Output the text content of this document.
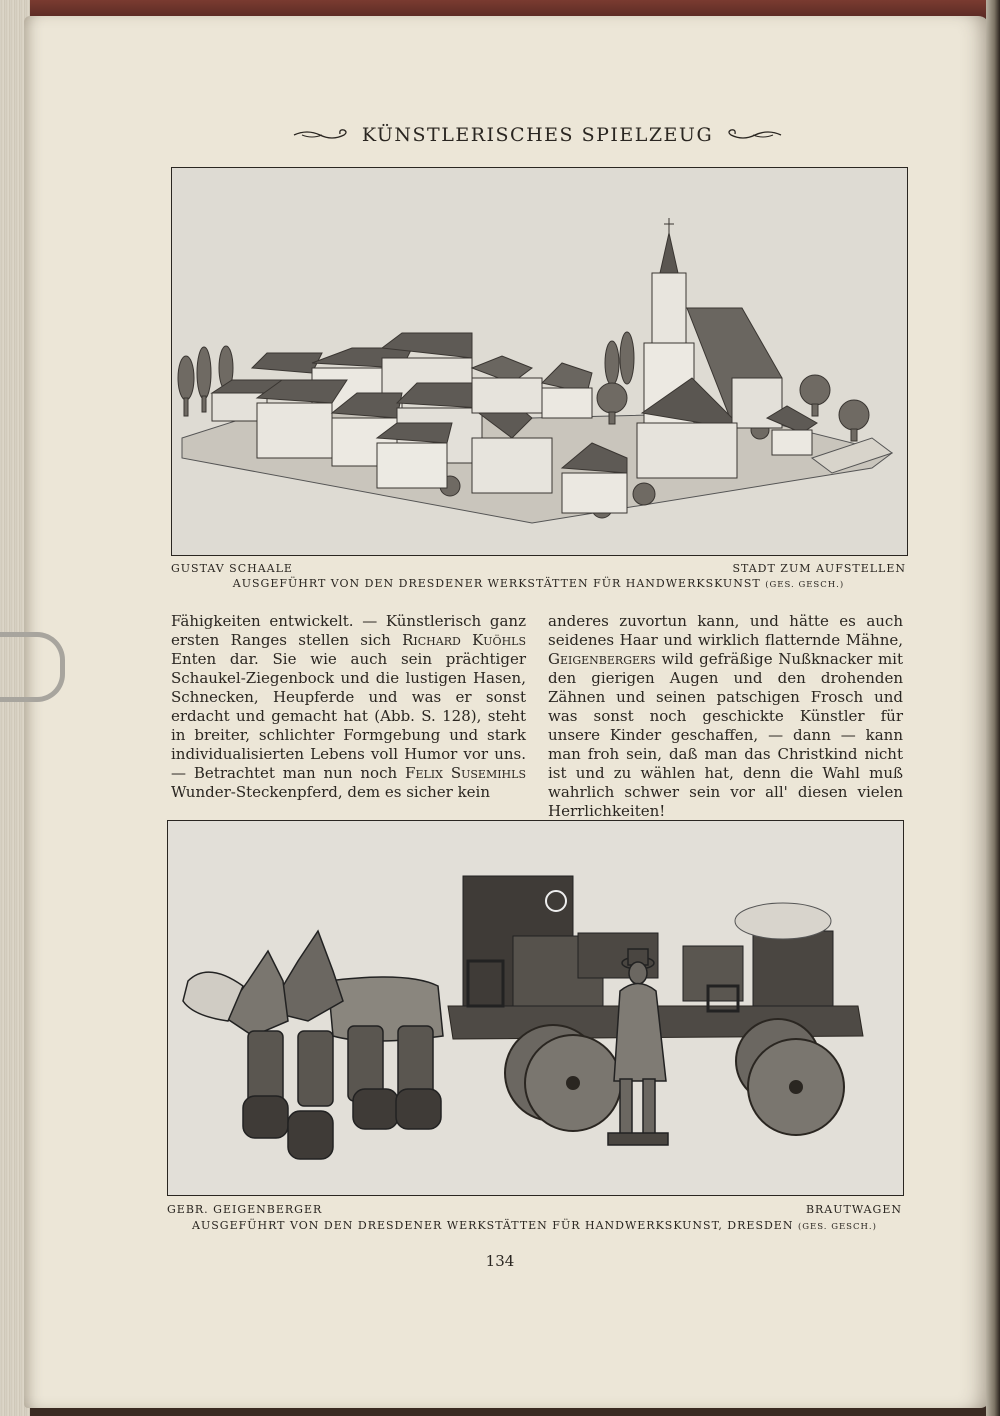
KÜNSTLERISCHES SPIELZEUG
GUSTAV SCHAALE	STADT ZUM AUFSTELLEN
AUSGEFÜHRT VON DEN DRESDENER WERKSTÄTTEN FÜR HANDWERKSKUNST (GES. GESCH.)

Fähigkeiten entwickelt. — Künstlerisch ganz ersten Ranges stellen sich Richard Kuöhls Enten dar. Sie wie auch sein prächtiger Schaukel-Ziegenbock und die lustigen Hasen, Schnecken, Heupferde und was er sonst erdacht und gemacht hat (Abb. S. 128), steht in breiter, schlichter Formgebung und stark individualisierten Lebens voll Humor vor uns. — Betrachtet man nun noch Felix Susemihls Wunder-Steckenpferd, dem es sicher kein

anderes zuvortun kann, und hätte es auch seidenes Haar und wirklich flatternde Mähne, Geigenbergers wild gefräßige Nußknacker mit den gierigen Augen und den drohenden Zähnen und seinen patschigen Frosch und was sonst noch geschickte Künstler für unsere Kinder geschaffen, — dann — kann man froh sein, daß man das Christkind nicht ist und zu wählen hat, denn die Wahl muß wahrlich schwer sein vor all' diesen vielen Herrlichkeiten!

GEBR. GEIGENBERGER	BRAUTWAGEN
AUSGEFÜHRT VON DEN DRESDENER WERKSTÄTTEN FÜR HANDWERKSKUNST, DRESDEN (GES. GESCH.)
134
